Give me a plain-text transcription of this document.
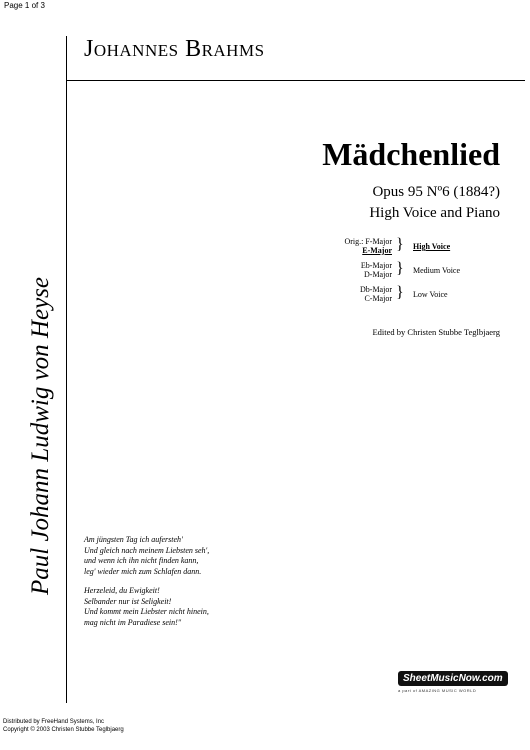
Page 1 of 3
Johannes Brahms
Paul Johann Ludwig von Heyse
Mädchenlied
Opus 95 Nº6 (1884?)
High Voice and Piano
Orig.: F-Major
E-Major } High Voice
Eb-Major
D-Major } Medium Voice
Db-Major
C-Major } Low Voice
Edited by Christen Stubbe Teglbjaerg
Am jüngsten Tag ich aufersteh'
Und gleich nach meinem Liebsten seh',
und wenn ich ihn nicht finden kann,
leg' wieder mich zum Schlafen dann.
Herzeleid, du Ewigkeit!
Selbander nur ist Seligkeit!
Und kommt mein Liebster nicht hinein,
mag nicht im Paradiese sein!"
SheetMusicNow.com
a part of AMAZING MUSIC WORLD
Distributed by FreeHand Systems, Inc
Copyright © 2003 Christen Stubbe Teglbjaerg
